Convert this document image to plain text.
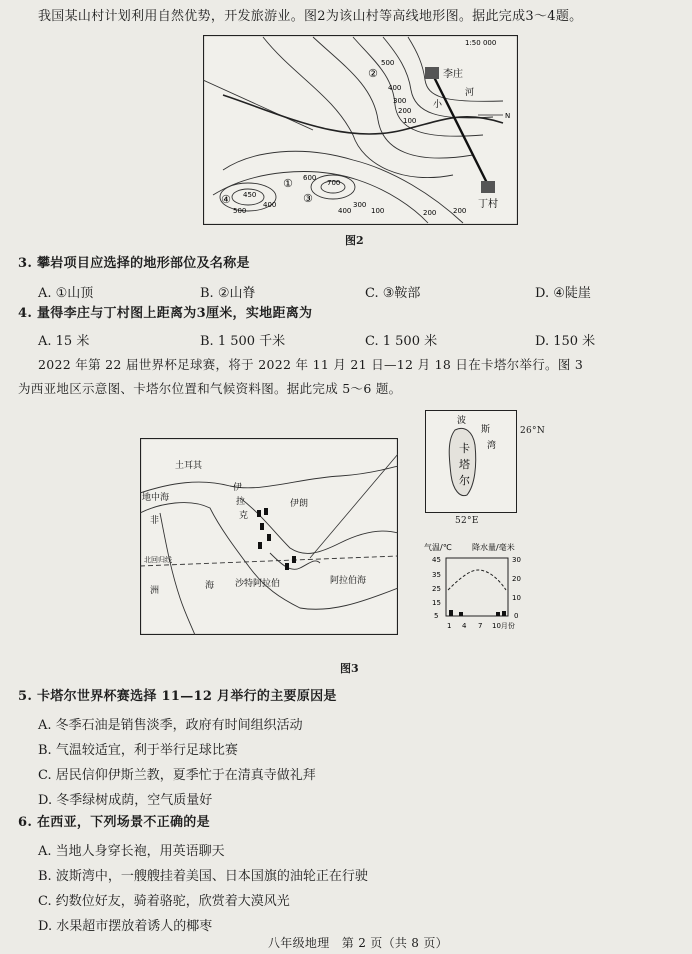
我国某山村计划利用自然优势，开发旅游业。图2为该山村等高线地形图。据此完成3～4题。
1:50 000
李庄
丁村
小
河
N
②
①
③
④
500
400
300
200
100
100	200
300
400
500
450
700
600
400
200
图2
3. 攀岩项目应选择的地形部位及名称是
A. ①山顶	B. ②山脊	C. ③鞍部	D. ④陡崖
4. 量得李庄与丁村图上距离为3厘米，实地距离为
A. 15 米	B. 1 500 千米	C. 1 500 米	D. 150 米
2022 年第 22 届世界杯足球赛，将于 2022 年 11 月 21 日—12 月 18 日在卡塔尔举行。图 3
为西亚地区示意图、卡塔尔位置和气候资料图。据此完成 5～6 题。
土耳其
地中海
伊
拉
克
伊朗
非
北回归线
洲
沙特阿拉伯
海	阿拉伯海
波
斯
湾
卡
塔
尔
26°N
52°E
气温/℃	降水量/毫米
45
35
25
15
5
30
20
10
0
1 4 7 10月份
图3
5. 卡塔尔世界杯赛选择 11—12 月举行的主要原因是
A. 冬季石油是销售淡季，政府有时间组织活动
B. 气温较适宜，利于举行足球比赛
C. 居民信仰伊斯兰教，夏季忙于在清真寺做礼拜
D. 冬季绿树成荫，空气质量好
6. 在西亚，下列场景不正确的是
A. 当地人身穿长袍，用英语聊天
B. 波斯湾中，一艘艘挂着美国、日本国旗的油轮正在行驶
C. 约数位好友，骑着骆驼，欣赏着大漠风光
D. 水果超市摆放着诱人的椰枣
八年级地理　第 2 页（共 8 页）
